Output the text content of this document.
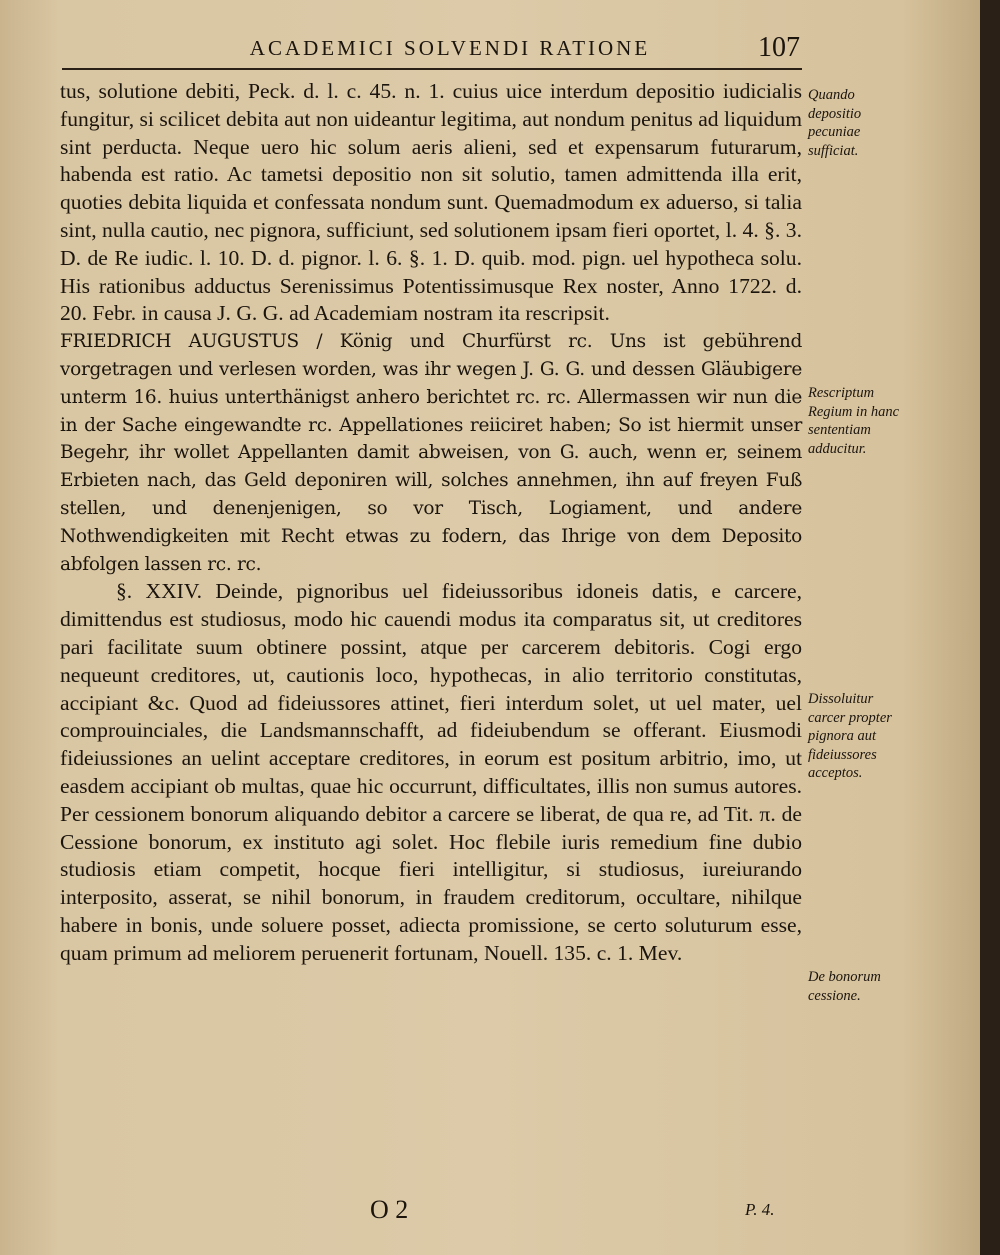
ACADEMICI SOLVENDI RATIONE	107

tus, solutione debiti, Peck. d. l. c. 45. n. 1. cuius uice interdum depositio iudicialis fungitur, si scilicet debita aut non uideantur legitima, aut nondum penitus ad liquidum sint perducta. Neque uero hic solum aeris alieni, sed et expensarum futurarum, habenda est ratio. Ac tametsi depositio non sit solutio, tamen admittenda illa erit, quoties debita liquida et confessata nondum sunt. Quemadmodum ex aduerso, si talia sint, nulla cautio, nec pignora, sufficiunt, sed solutionem ipsam fieri oportet, l. 4. §. 3. D. de Re iudic. l. 10. D. d. pignor. l. 6. §. 1. D. quib. mod. pign. uel hypotheca solu. His rationibus adductus Serenissimus Potentissimusque Rex noster, Anno 1722. d. 20. Febr. in causa J. G. G. ad Academiam nostram ita rescripsit.

FRIEDRICH AUGUSTUS / König und Churfürst rc. Uns ist gebührend vorgetragen und verlesen worden, was ihr wegen J. G. G. und dessen Gläubigere unterm 16. huius unterthänigst anhero berichtet rc. rc. Allermassen wir nun die in der Sache eingewandte rc. Appellationes reiiciret haben; So ist hiermit unser Begehr, ihr wollet Appellanten damit abweisen, von G. auch, wenn er, seinem Erbieten nach, das Geld deponiren will, solches annehmen, ihn auf freyen Fuß stellen, und denenjenigen, so vor Tisch, Logiament, und andere Nothwendigkeiten mit Recht etwas zu fodern, das Ihrige von dem Deposito abfolgen lassen rc. rc.

§. XXIV. Deinde, pignoribus uel fideiussoribus idoneis datis, e carcere, dimittendus est studiosus, modo hic cauendi modus ita comparatus sit, ut creditores pari facilitate suum obtinere possint, atque per carcerem debitoris. Cogi ergo nequeunt creditores, ut, cautionis loco, hypothecas, in alio territorio constitutas, accipiant &c. Quod ad fideiussores attinet, fieri interdum solet, ut uel mater, uel comprouinciales, die Landsmannschafft, ad fideiubendum se offerant. Eiusmodi fideiussiones an uelint acceptare creditores, in eorum est positum arbitrio, imo, ut easdem accipiant ob multas, quae hic occurrunt, difficultates, illis non sumus autores. Per cessionem bonorum aliquando debitor a carcere se liberat, de qua re, ad Tit. π. de Cessione bonorum, ex instituto agi solet. Hoc flebile iuris remedium fine dubio studiosis etiam competit, hocque fieri intelligitur, si studiosus, iureiurando interposito, asserat, se nihil bonorum, in fraudem creditorum, occultare, nihilque habere in bonis, unde soluere posset, adiecta promissione, se certo soluturum esse, quam primum ad meliorem peruenerit fortunam, Nouell. 135. c. 1. Mev.

Quando depositio pecuniae sufficiat.
Rescriptum Regium in hanc sententiam adducitur.
Dissoluitur carcer propter pignora aut fideiussores acceptos.
De bonorum cessione.
O 2	P. 4.
